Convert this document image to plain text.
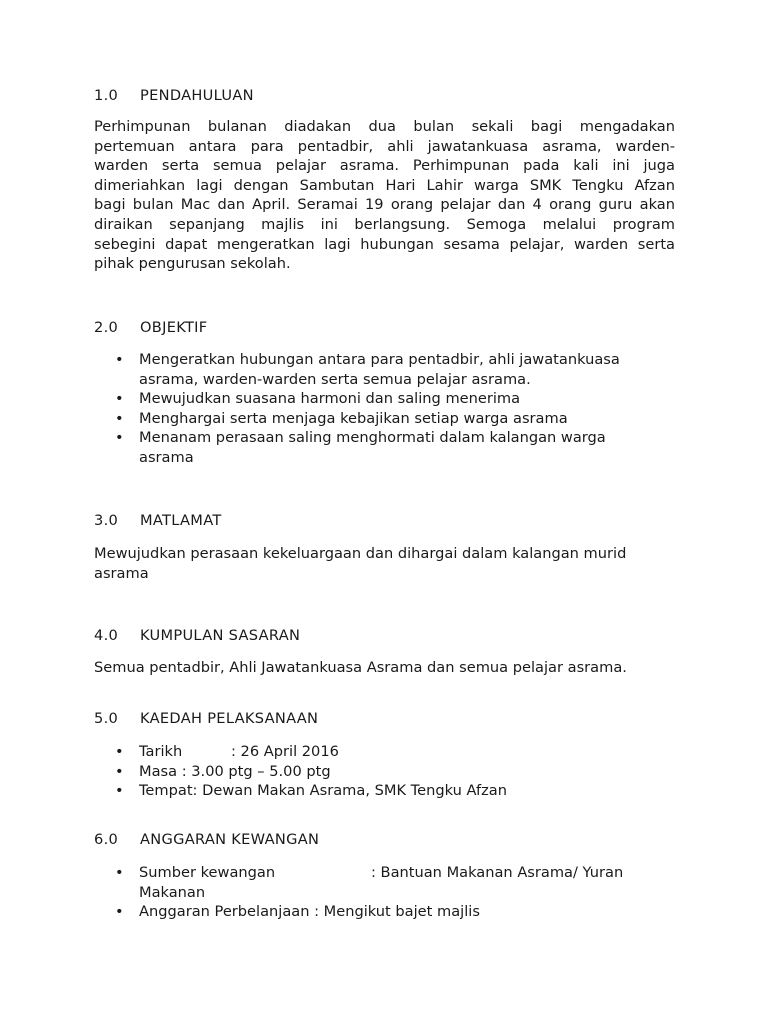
1.0 PENDAHULUAN
Perhimpunan bulanan diadakan dua bulan sekali bagi mengadakan
pertemuan antara para pentadbir, ahli jawatankuasa asrama, warden-
warden serta semua pelajar asrama. Perhimpunan pada kali ini juga
dimeriahkan lagi dengan Sambutan Hari Lahir warga SMK Tengku Afzan
bagi bulan Mac dan April. Seramai 19 orang pelajar dan 4 orang guru akan
diraikan sepanjang majlis ini berlangsung. Semoga melalui program
sebegini dapat mengeratkan lagi hubungan sesama pelajar, warden serta
pihak pengurusan sekolah.
2.0 OBJEKTIF
• Mengeratkan hubungan antara para pentadbir, ahli jawatankuasa
asrama, warden-warden serta semua pelajar asrama.
• Mewujudkan suasana harmoni dan saling menerima
• Menghargai serta menjaga kebajikan setiap warga asrama
• Menanam perasaan saling menghormati dalam kalangan warga
asrama
3.0 MATLAMAT
Mewujudkan perasaan kekeluargaan dan dihargai dalam kalangan murid
asrama
4.0 KUMPULAN SASARAN
Semua pentadbir, Ahli Jawatankuasa Asrama dan semua pelajar asrama.
5.0 KAEDAH PELAKSANAAN
• Tarikh	: 26 April 2016
• Masa : 3.00 ptg – 5.00 ptg
• Tempat: Dewan Makan Asrama, SMK Tengku Afzan
6.0 ANGGARAN KEWANGAN
• Sumber kewangan	: Bantuan Makanan Asrama/ Yuran
Makanan
• Anggaran Perbelanjaan : Mengikut bajet majlis
